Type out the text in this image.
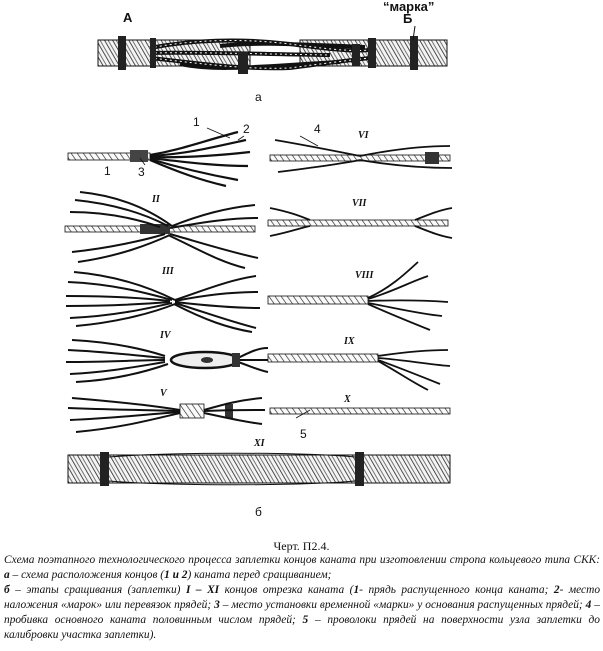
А	Б
“марка”
а
1	2
1 3
4
5
II
III
IV
V
VI
VII
VIII
IX
X
XI
б
Черт. П2.4.

Схема поэтапного технологического процесса заплетки концов каната при изготовлении стропа кольцевого типа СКК: а – схема расположения концов (1 и 2) каната перед сращиванием;

б – этапы сращивания (заплетки) I – XI концов отрезка каната (1- прядь распущенного конца каната; 2- место наложения «марок» или перевязок прядей; 3 – место установки временной «марки» у основания распущенных прядей; 4 – пробивка основного каната половинным числом прядей; 5 – проволоки прядей на поверхности узла заплетки до калибровки участка заплетки).
